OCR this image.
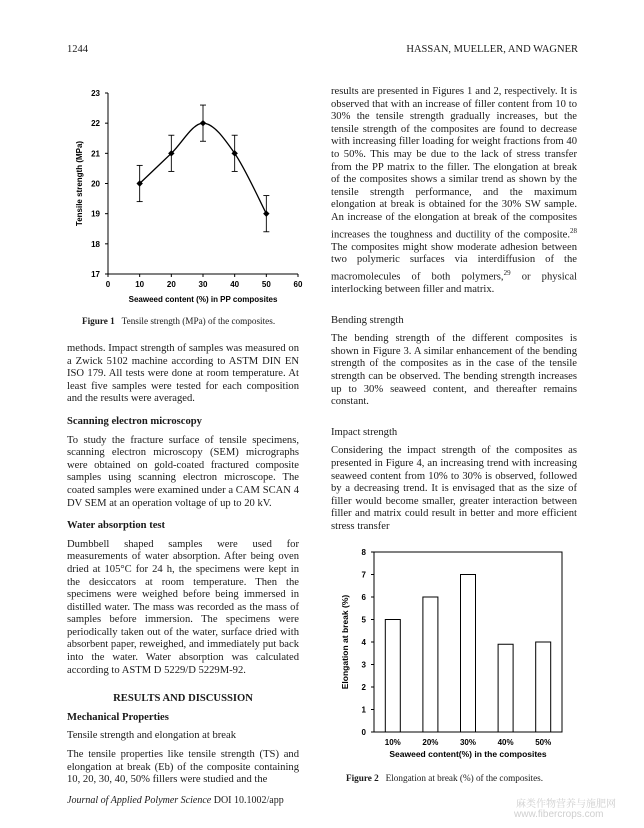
1244	HASSAN, MUELLER, AND WAGNER
17
18
19
20
21
22
23
0	10	20	30	40	50	60
Seaweed content (%) in PP composites
Tensile strength (MPa)
Figure 1 Tensile strength (MPa) of the composites.

methods. Impact strength of samples was measured on a Zwick 5102 machine according to ASTM DIN EN ISO 179. All tests were done at room temperature. At least five samples were tested for each composition and the results were averaged.

Scanning electron microscopy

To study the fracture surface of tensile specimens, scanning electron microscopy (SEM) micrographs were obtained on gold-coated fractured composite samples using scanning electron microscope. The coated samples were examined under a CAM SCAN 4 DV SEM at an operation voltage of up to 20 kV.

Water absorption test

Dumbbell shaped samples were used for measurements of water absorption. After being oven dried at 105°C for 24 h, the specimens were kept in the desiccators at room temperature. Then the specimens were weighed before being immersed in distilled water. The mass was recorded as the mass of samples before immersion. The specimens were periodically taken out of the water, surface dried with absorbent paper, reweighed, and immediately put back into the water. Water absorption was calculated according to ASTM D 5229/D 5229M-92.

RESULTS AND DISCUSSION

Mechanical Properties

Tensile strength and elongation at break

The tensile properties like tensile strength (TS) and elongation at break (Eb) of the composite containing 10, 20, 30, 40, 50% fillers were studied and the

results are presented in Figures 1 and 2, respectively. It is observed that with an increase of filler content from 10 to 30% the tensile strength gradually increases, but the tensile strength of the composites are found to decrease with increasing filler loading for weight fractions from 40 to 50%. This may be due to the lack of stress transfer from the PP matrix to the filler. The elongation at break of the composites shows a similar trend as shown by the tensile strength performance, and the maximum elongation at break is obtained for the 30% SW sample. An increase of the elongation at break of the composites increases the toughness and ductility of the composite.$^{28}$ The composites might show moderate adhesion between two polymeric surfaces via interdiffusion of the macromolecules of both polymers,$^{29}$ or physical interlocking between filler and matrix.

Bending strength

The bending strength of the different composites is shown in Figure 3. A similar enhancement of the bending strength of the composites as in the case of the tensile strength can be observed. The bending strength increases up to 30% seaweed content, and thereafter remains constant.

Impact strength

Considering the impact strength of the composites as presented in Figure 4, an increasing trend with increasing seaweed content from 10% to 30% is observed, followed by a decreasing trend. It is envisaged that as the size of filler would become smaller, greater interaction between filler and matrix could result in better and more efficient stress transfer

0
1
2
3
4
5
6
7
8
10%	20%	30%	40%	50%
Seaweed content(%) in the composites
Elongation at break (%)
Figure 2 Elongation at break (%) of the composites.
Journal of Applied Polymer Science DOI 10.1002/app	麻类作物营养与施肥网
www.fibercrops.com
